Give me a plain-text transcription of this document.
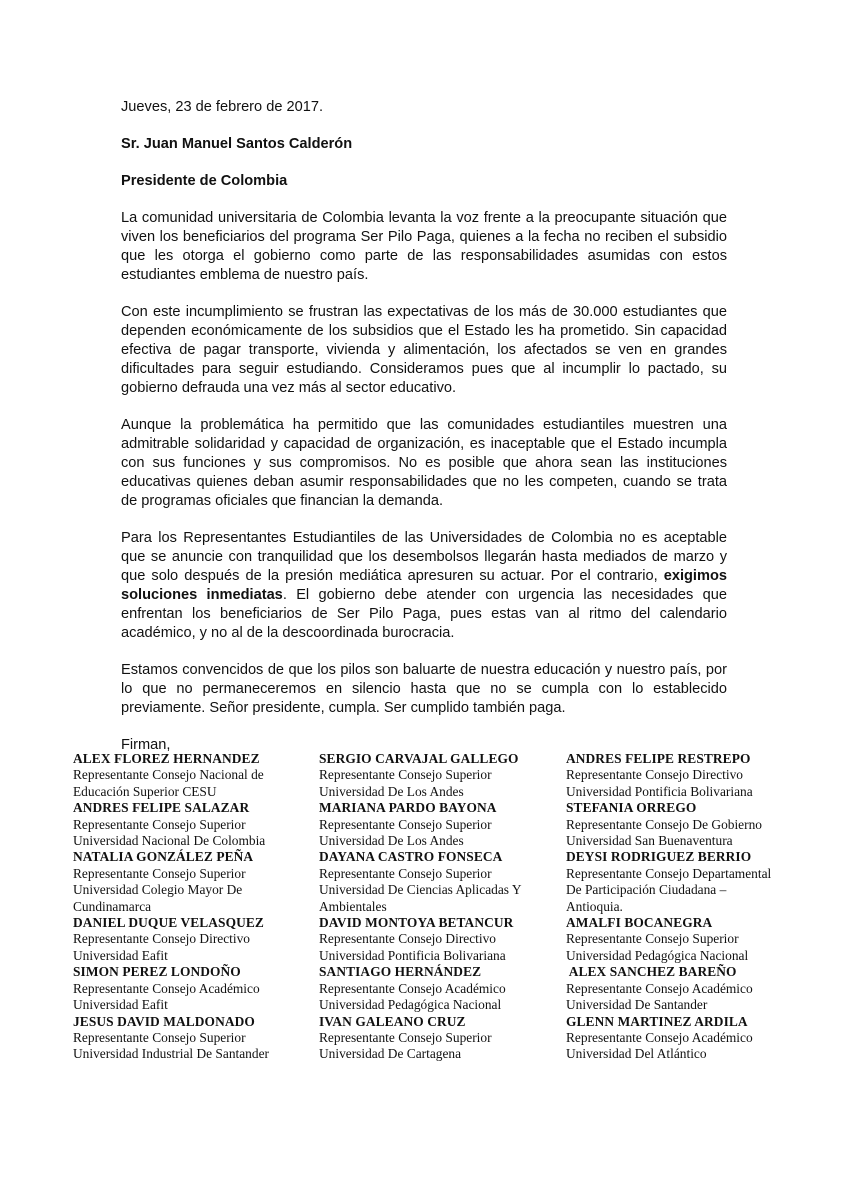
Jueves, 23 de febrero de 2017.

Sr. Juan Manuel Santos Calderón

Presidente de Colombia

La comunidad universitaria de Colombia levanta la voz frente a la preocupante situación que viven los beneficiarios del programa Ser Pilo Paga, quienes a la fecha no reciben el subsidio que les otorga el gobierno como parte de las responsabilidades asumidas con estos estudiantes emblema de nuestro país.

Con este incumplimiento se frustran las expectativas de los más de 30.000 estudiantes que dependen económicamente de los subsidios que el Estado les ha prometido. Sin capacidad efectiva de pagar transporte, vivienda y alimentación, los afectados se ven en grandes dificultades para seguir estudiando. Consideramos pues que al incumplir lo pactado, su gobierno defrauda una vez más al sector educativo.

Aunque la problemática ha permitido que las comunidades estudiantiles muestren una admitrable solidaridad y capacidad de organización, es inaceptable que el Estado incumpla con sus funciones y sus compromisos. No es posible que ahora sean las instituciones educativas quienes deban asumir responsabilidades que no les competen, cuando se trata de programas oficiales que financian la demanda.

Para los Representantes Estudiantiles de las Universidades de Colombia no es aceptable que se anuncie con tranquilidad que los desembolsos llegarán hasta mediados de marzo y que solo después de la presión mediática apresuren su actuar. Por el contrario, exigimos soluciones inmediatas. El gobierno debe atender con urgencia las necesidades que enfrentan los beneficiarios de Ser Pilo Paga, pues estas van al ritmo del calendario académico, y no al de la descoordinada burocracia.

Estamos convencidos de que los pilos son baluarte de nuestra educación y nuestro país, por lo que no permaneceremos en silencio hasta que no se cumpla con lo establecido previamente. Señor presidente, cumpla. Ser cumplido también paga.

Firman,

ALEX FLOREZ HERNANDEZ
Representante Consejo Nacional de
Educación Superior CESU
ANDRES FELIPE SALAZAR
Representante Consejo Superior
Universidad Nacional De Colombia
NATALIA GONZÁLEZ PEÑA
Representante Consejo Superior
Universidad Colegio Mayor De
Cundinamarca
DANIEL DUQUE VELASQUEZ
Representante Consejo Directivo
Universidad Eafit
SIMON PEREZ LONDOÑO
Representante Consejo Académico
Universidad Eafit
JESUS DAVID MALDONADO
Representante Consejo Superior
Universidad Industrial De Santander
SERGIO CARVAJAL GALLEGO
Representante Consejo Superior
Universidad De Los Andes
MARIANA PARDO BAYONA
Representante Consejo Superior
Universidad De Los Andes
DAYANA CASTRO FONSECA
Representante Consejo Superior
Universidad De Ciencias Aplicadas Y
Ambientales
DAVID MONTOYA BETANCUR
Representante Consejo Directivo
Universidad Pontificia Bolivariana
SANTIAGO HERNÁNDEZ
Representante Consejo Académico
Universidad Pedagógica Nacional
IVAN GALEANO CRUZ
Representante Consejo Superior
Universidad De Cartagena
ANDRES FELIPE RESTREPO
Representante Consejo Directivo
Universidad Pontificia Bolivariana
STEFANIA ORREGO
Representante Consejo De Gobierno
Universidad San Buenaventura
DEYSI RODRIGUEZ BERRIO
Representante Consejo Departamental
De Participación Ciudadana –
Antioquia.
AMALFI BOCANEGRA
Representante Consejo Superior
Universidad Pedagógica Nacional
ALEX SANCHEZ BAREÑO
Representante Consejo Académico
Universidad De Santander
GLENN MARTINEZ ARDILA
Representante Consejo Académico
Universidad Del Atlántico
